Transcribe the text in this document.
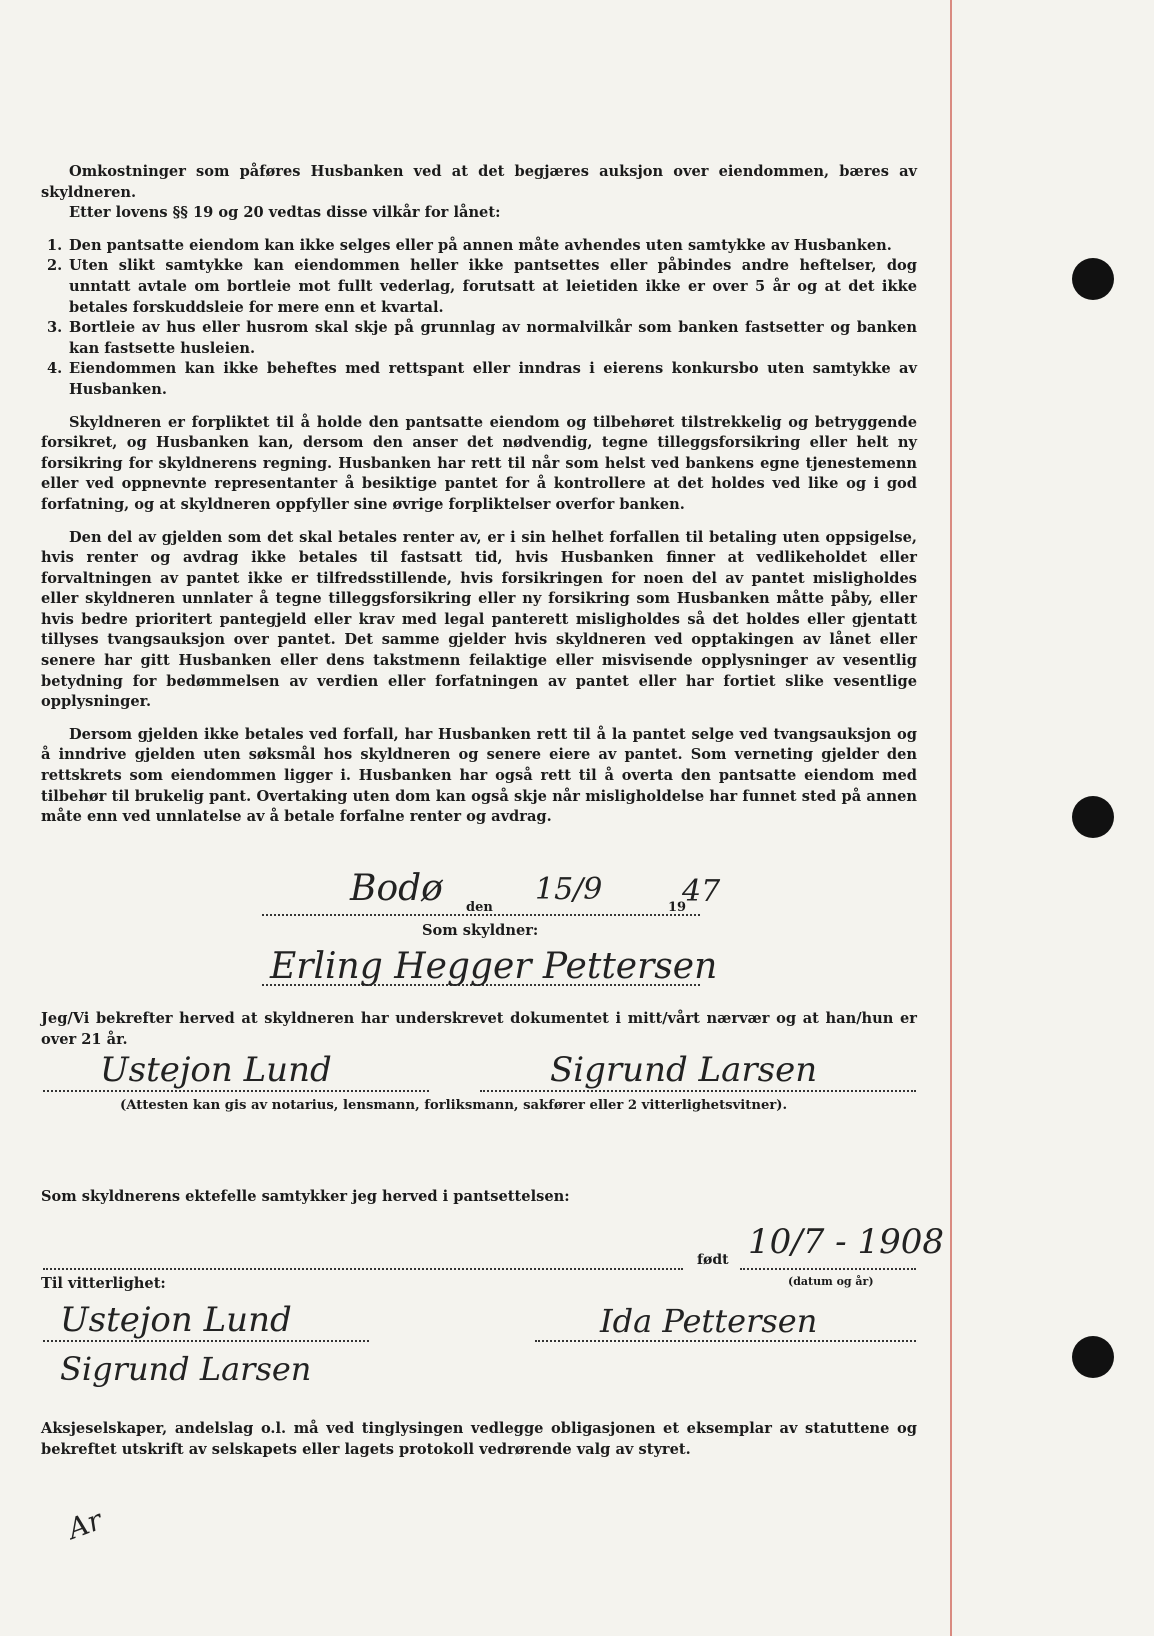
Omkostninger som påføres Husbanken ved at det begjæres auksjon over eiendommen, bæres av skyldneren.

Etter lovens §§ 19 og 20 vedtas disse vilkår for lånet:

1. Den pantsatte eiendom kan ikke selges eller på annen måte avhendes uten samtykke av Husbanken.
2. Uten slikt samtykke kan eiendommen heller ikke pantsettes eller påbindes andre heftelser, dog unntatt avtale om bortleie mot fullt vederlag, forutsatt at leietiden ikke er over 5 år og at det ikke betales forskuddsleie for mere enn et kvartal.
3. Bortleie av hus eller husrom skal skje på grunnlag av normalvilkår som banken fastsetter og banken kan fastsette husleien.
4. Eiendommen kan ikke beheftes med rettspant eller inndras i eierens konkursbo uten samtykke av Husbanken.

Skyldneren er forpliktet til å holde den pantsatte eiendom og tilbehøret tilstrekkelig og betryggende forsikret, og Husbanken kan, dersom den anser det nødvendig, tegne tilleggsforsikring eller helt ny forsikring for skyldnerens regning. Husbanken har rett til når som helst ved bankens egne tjenestemenn eller ved oppnevnte representanter å besiktige pantet for å kontrollere at det holdes ved like og i god forfatning, og at skyldneren oppfyller sine øvrige forpliktelser overfor banken.

Den del av gjelden som det skal betales renter av, er i sin helhet forfallen til betaling uten oppsigelse, hvis renter og avdrag ikke betales til fastsatt tid, hvis Husbanken finner at vedlikeholdet eller forvaltningen av pantet ikke er tilfredsstillende, hvis forsikringen for noen del av pantet misligholdes eller skyldneren unnlater å tegne tilleggsforsikring eller ny forsikring som Husbanken måtte påby, eller hvis bedre prioritert pantegjeld eller krav med legal panterett misligholdes så det holdes eller gjentatt tillyses tvangsauksjon over pantet. Det samme gjelder hvis skyldneren ved opptakingen av lånet eller senere har gitt Husbanken eller dens takstmenn feilaktige eller misvisende opplysninger av vesentlig betydning for bedømmelsen av verdien eller forfatningen av pantet eller har fortiet slike vesentlige opplysninger.

Dersom gjelden ikke betales ved forfall, har Husbanken rett til å la pantet selge ved tvangsauksjon og å inndrive gjelden uten søksmål hos skyldneren og senere eiere av pantet. Som verneting gjelder den rettskrets som eiendommen ligger i. Husbanken har også rett til å overta den pantsatte eiendom med tilbehør til brukelig pant. Overtaking uten dom kan også skje når misligholdelse har funnet sted på annen måte enn ved unnlatelse av å betale forfalne renter og avdrag.

Bodø den
15/9
19
47
Som skyldner:
Erling Hegger Pettersen
Jeg/Vi bekrefter herved at skyldneren har underskrevet dokumentet i mitt/vårt nærvær og at han/hun er over 21 år.
Ustejon Lund	Sigrund Larsen
(Attesten kan gis av notarius, lensmann, forliksmann, sakfører eller 2 vitterlighetsvitner).
Som skyldnerens ektefelle samtykker jeg herved i pantsettelsen:
født 10/7 - 1908
(datum og år)
Til vitterlighet:
Ustejon Lund
Sigrund Larsen
Ida Pettersen
Aksjeselskaper, andelslag o.l. må ved tinglysingen vedlegge obligasjonen et eksemplar av statuttene og bekreftet utskrift av selskapets eller lagets protokoll vedrørende valg av styret.
Ar
